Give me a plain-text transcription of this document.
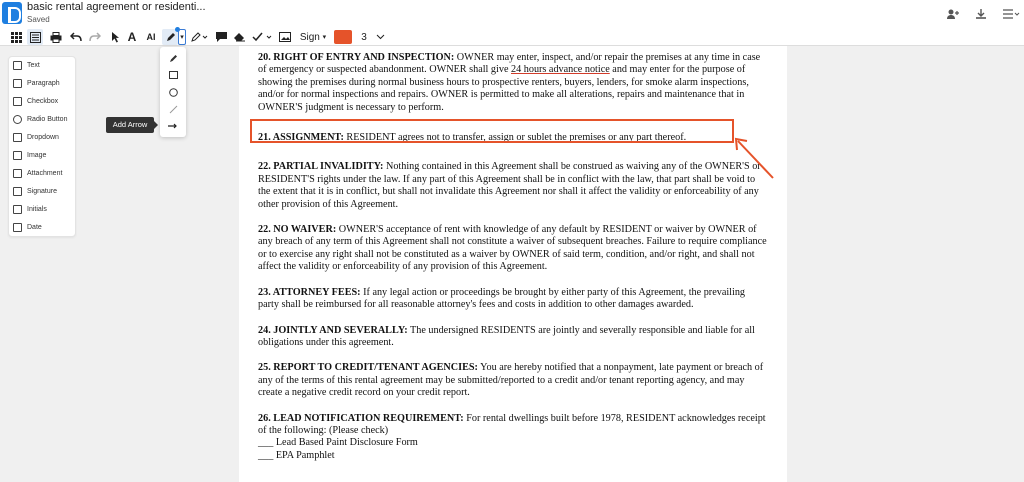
basic rental agreement or residenti...
Saved
A	AI	▾	Sign
▾	3
Text
Paragraph
Checkbox
Radio Button
Dropdown
Image
Attachment
Signature
Initials
Date
Add Arrow

20. RIGHT OF ENTRY AND INSPECTION: OWNER may enter, inspect, and/or repair the premises at any time in case of emergency or suspected abandonment. OWNER shall give 24 hours advance notice and may enter for the purpose of showing the premises during normal business hours to prospective renters, buyers, lenders, for smoke alarm inspections, and/or for normal inspections and repairs. OWNER is permitted to make all alterations, repairs and maintenance that in OWNER'S judgment is necessary to perform.

21. ASSIGNMENT: RESIDENT agrees not to transfer, assign or sublet the premises or any part thereof.

22. PARTIAL INVALIDITY: Nothing contained in this Agreement shall be construed as waiving any of the OWNER'S or RESIDENT'S rights under the law. If any part of this Agreement shall be in conflict with the law, that part shall be void to the extent that it is in conflict, but shall not invalidate this Agreement nor shall it affect the validity or enforceability of any other provision of this Agreement.

22. NO WAIVER: OWNER'S acceptance of rent with knowledge of any default by RESIDENT or waiver by OWNER of any breach of any term of this Agreement shall not constitute a waiver of subsequent breaches. Failure to require compliance or to exercise any right shall not be constituted as a waiver by OWNER of said term, condition, and/or right, and shall not affect the validity or enforceability of any provision of this Agreement.

23. ATTORNEY FEES: If any legal action or proceedings be brought by either party of this Agreement, the prevailing party shall be reimbursed for all reasonable attorney's fees and costs in addition to other damages awarded.

24. JOINTLY AND SEVERALLY: The undersigned RESIDENTS are jointly and severally responsible and liable for all obligations under this agreement.

25. REPORT TO CREDIT/TENANT AGENCIES: You are hereby notified that a nonpayment, late payment or breach of any of the terms of this rental agreement may be submitted/reported to a credit and/or tenant reporting agency, and may create a negative credit record on your credit report.

26. LEAD NOTIFICATION REQUIREMENT: For rental dwellings built before 1978, RESIDENT acknowledges receipt of the following: (Please check)

___ Lead Based Paint Disclosure Form

___ EPA Pamphlet
